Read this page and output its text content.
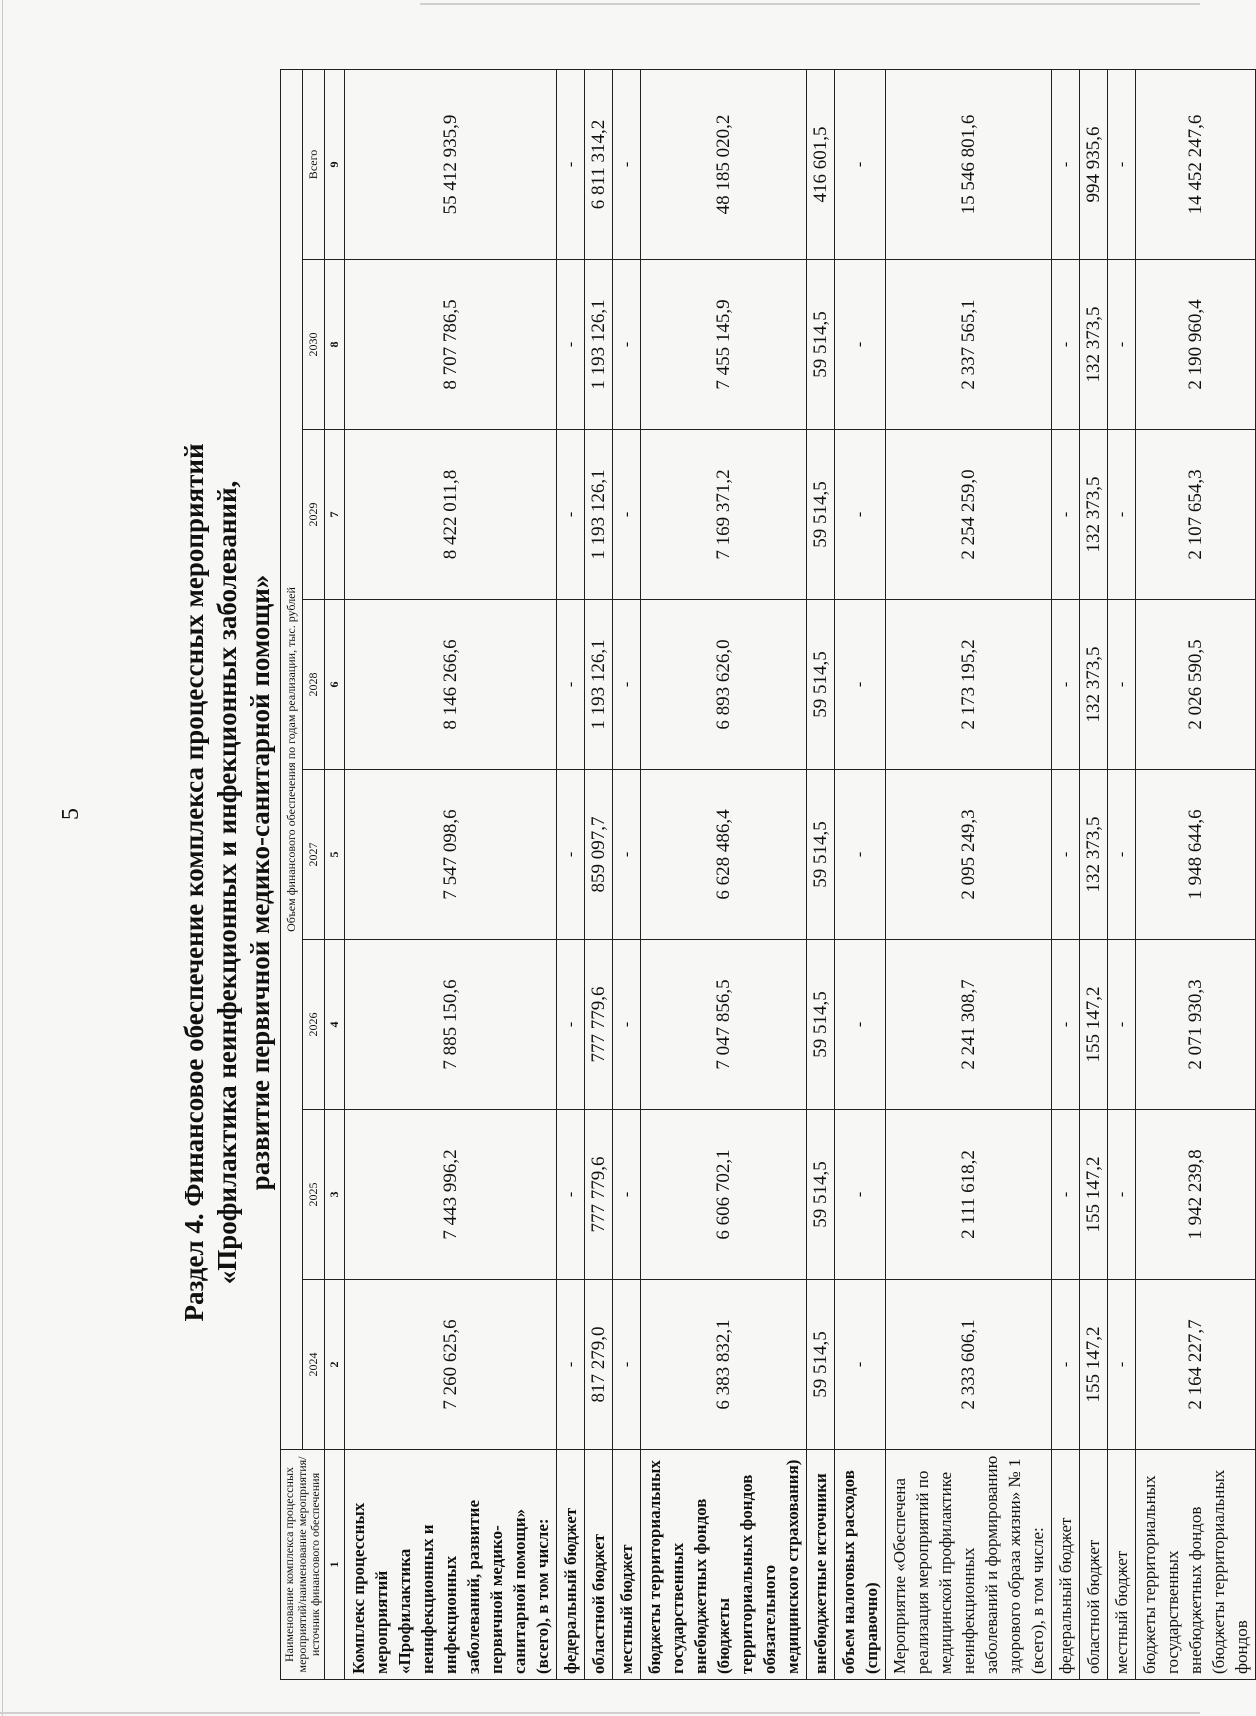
5	Раздел 4. Финансовое обеспечение комплекса процессных мероприятий «Профилактика неинфекционных и инфекционных заболеваний, развитие первичной медико-санитарной помощи»
Наименование комплекса процессных мероприятий/наименование мероприятия/источник финансового обеспечения	Объем финансового обеспечения по годам реализации, тыс. рублей							
	2024	2025	2026	2027	2028	2029	2030	Всего
1	2	3	4	5	6	7	8	9
Комплекс процессных мероприятий «Профилактика неинфекционных и инфекционных заболеваний, развитие первичной медико-санитарной помощи» (всего), в том числе:	7 260 625,6	7 443 996,2	7 885 150,6	7 547 098,6	8 146 266,6	8 422 011,8	8 707 786,5	55 412 935,9
федеральный бюджет	-	-	-	-	-	-	-	-
областной бюджет	817 279,0	777 779,6	777 779,6	859 097,7	1 193 126,1	1 193 126,1	1 193 126,1	6 811 314,2
местный бюджет	-	-	-	-	-	-	-	-
бюджеты территориальных государственных внебюджетных фондов (бюджеты территориальных фондов обязательного медицинского страхования)	6 383 832,1	6 606 702,1	7 047 856,5	6 628 486,4	6 893 626,0	7 169 371,2	7 455 145,9	48 185 020,2
внебюджетные источники	59 514,5	59 514,5	59 514,5	59 514,5	59 514,5	59 514,5	59 514,5	416 601,5
объем налоговых расходов (справочно)	-	-	-	-	-	-	-	-
Мероприятие «Обеспечена реализация мероприятий по медицинской профилактике неинфекционных заболеваний и формированию здорового образа жизни» № 1 (всего), в том числе:	2 333 606,1	2 111 618,2	2 241 308,7	2 095 249,3	2 173 195,2	2 254 259,0	2 337 565,1	15 546 801,6
федеральный бюджет	-	-	-	-	-	-	-	-
областной бюджет	155 147,2	155 147,2	155 147,2	132 373,5	132 373,5	132 373,5	132 373,5	994 935,6
местный бюджет	-	-	-	-	-	-	-	-
бюджеты территориальных государственных внебюджетных фондов (бюджеты территориальных фондов	2 164 227,7	1 942 239,8	2 071 930,3	1 948 644,6	2 026 590,5	2 107 654,3	2 190 960,4	14 452 247,6
